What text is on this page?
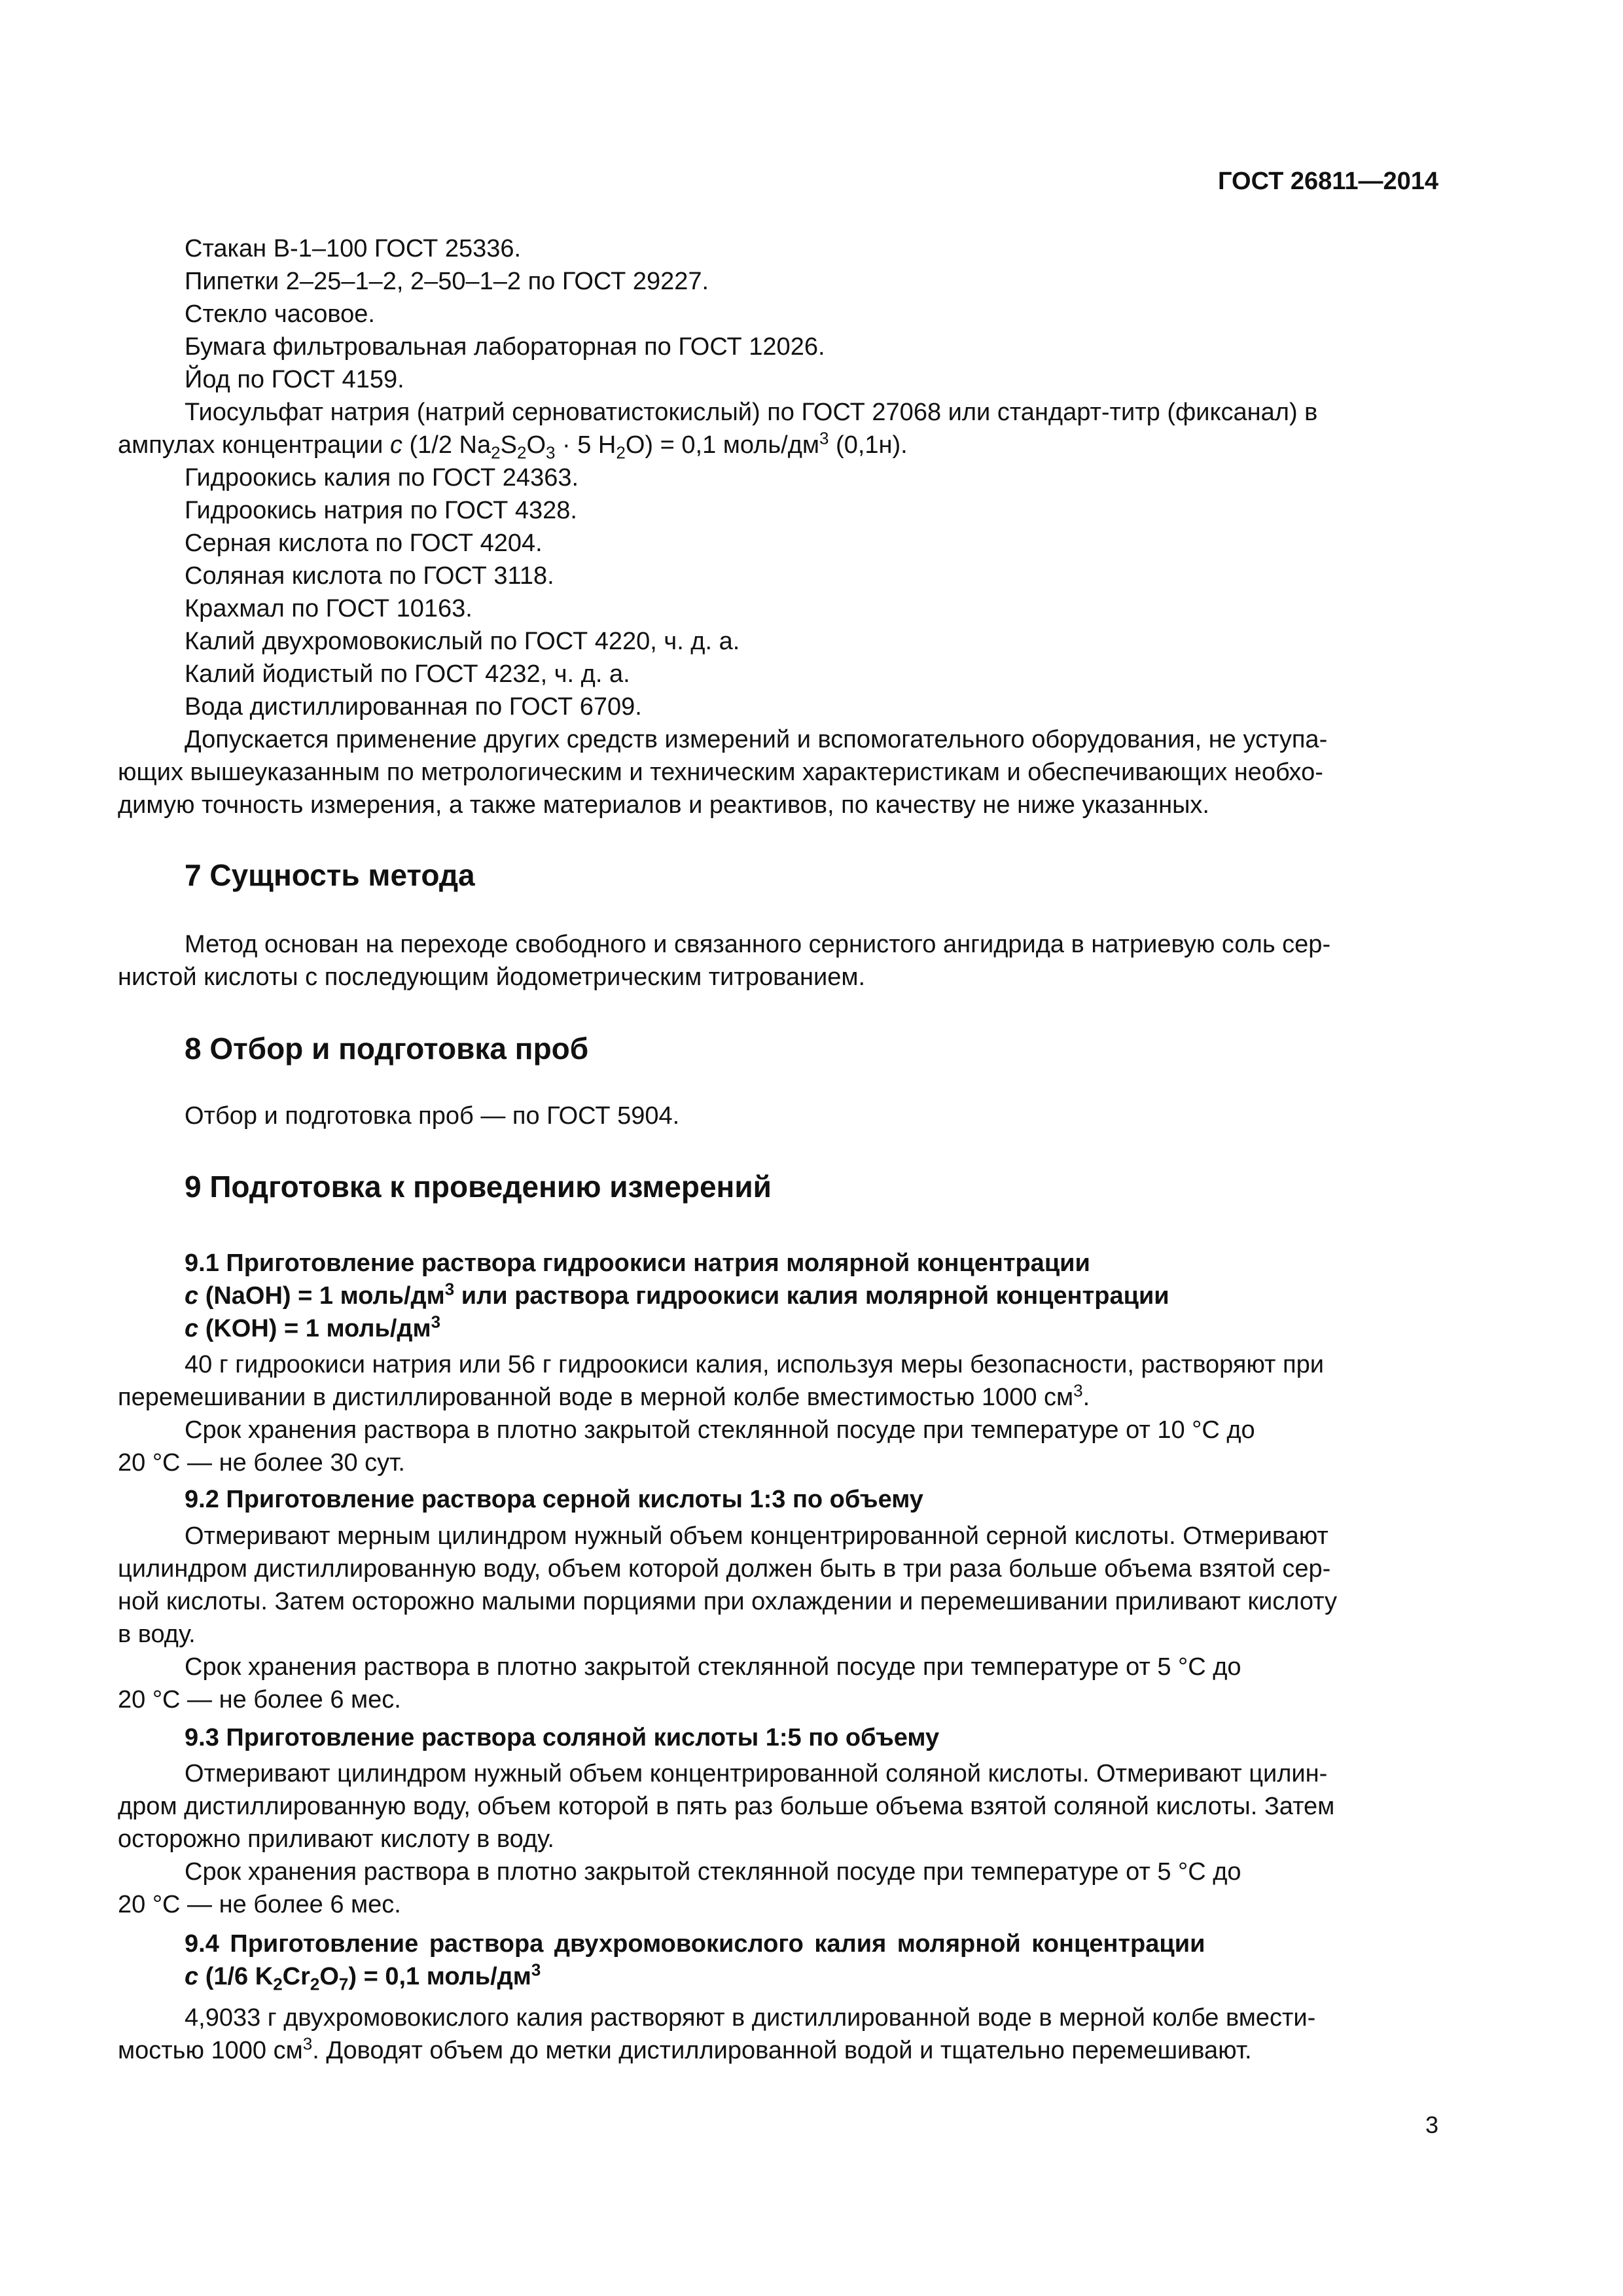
ГОСТ 26811—2014
Стакан В-1–100 ГОСТ 25336.
Пипетки 2–25–1–2, 2–50–1–2 по ГОСТ 29227.
Стекло часовое.
Бумага фильтровальная лабораторная по ГОСТ 12026.
Йод по ГОСТ 4159.
Тиосульфат натрия (натрий серноватистокислый) по ГОСТ 27068 или стандарт-титр (фиксанал) в
ампулах концентрации c (1/2 $Na_2S_2O_3 \cdot 5$ $H_2O) = 0,1$ моль/$дм^3$ (0,1н).
Гидроокись калия по ГОСТ 24363.
Гидроокись натрия по ГОСТ 4328.
Серная кислота по ГОСТ 4204.
Соляная кислота по ГОСТ 3118.
Крахмал по ГОСТ 10163.
Калий двухромовокислый по ГОСТ 4220, ч. д. а.
Калий йодистый по ГОСТ 4232, ч. д. а.
Вода дистиллированная по ГОСТ 6709.
Допускается применение других средств измерений и вспомогательного оборудования, не уступа-
ющих вышеуказанным по метрологическим и техническим характеристикам и обеспечивающих необхо-
димую точность измерения, а также материалов и реактивов, по качеству не ниже указанных.
7 Сущность метода
Метод основан на переходе свободного и связанного сернистого ангидрида в натриевую соль сер-
нистой кислоты с последующим йодометрическим титрованием.
8 Отбор и подготовка проб
Отбор и подготовка проб — по ГОСТ 5904.
9 Подготовка к проведению измерений
9.1 Приготовление раствора гидроокиси натрия молярной концентрации
c (NaOH) = 1 моль/$дм^3$ или раствора гидроокиси калия молярной концентрации
c (KOH) = 1 моль/$дм^3$
40 г гидроокиси натрия или 56 г гидроокиси калия, используя меры безопасности, растворяют при
перемешивании в дистиллированной воде в мерной колбе вместимостью 1000 $см^3$.
Срок хранения раствора в плотно закрытой стеклянной посуде при температуре от 10 °С до
20 °С — не более 30 сут.
9.2 Приготовление раствора серной кислоты 1:3 по объему
Отмеривают мерным цилиндром нужный объем концентрированной серной кислоты. Отмеривают
цилиндром дистиллированную воду, объем которой должен быть в три раза больше объема взятой сер-
ной кислоты. Затем осторожно малыми порциями при охлаждении и перемешивании приливают кислоту
в воду.
Срок хранения раствора в плотно закрытой стеклянной посуде при температуре от 5 °С до
20 °С — не более 6 мес.
9.3 Приготовление раствора соляной кислоты 1:5 по объему
Отмеривают цилиндром нужный объем концентрированной соляной кислоты. Отмеривают цилин-
дром дистиллированную воду, объем которой в пять раз больше объема взятой соляной кислоты. Затем
осторожно приливают кислоту в воду.
Срок хранения раствора в плотно закрытой стеклянной посуде при температуре от 5 °С до
20 °С — не более 6 мес.
9.4 Приготовление раствора двухромовокислого калия молярной концентрации
c (1/6 $K_2Cr_2O_7) = 0,1$ моль/$дм^3$
4,9033 г двухромовокислого калия растворяют в дистиллированной воде в мерной колбе вмести-
мостью 1000 $см^3$. Доводят объем до метки дистиллированной водой и тщательно перемешивают.
3
